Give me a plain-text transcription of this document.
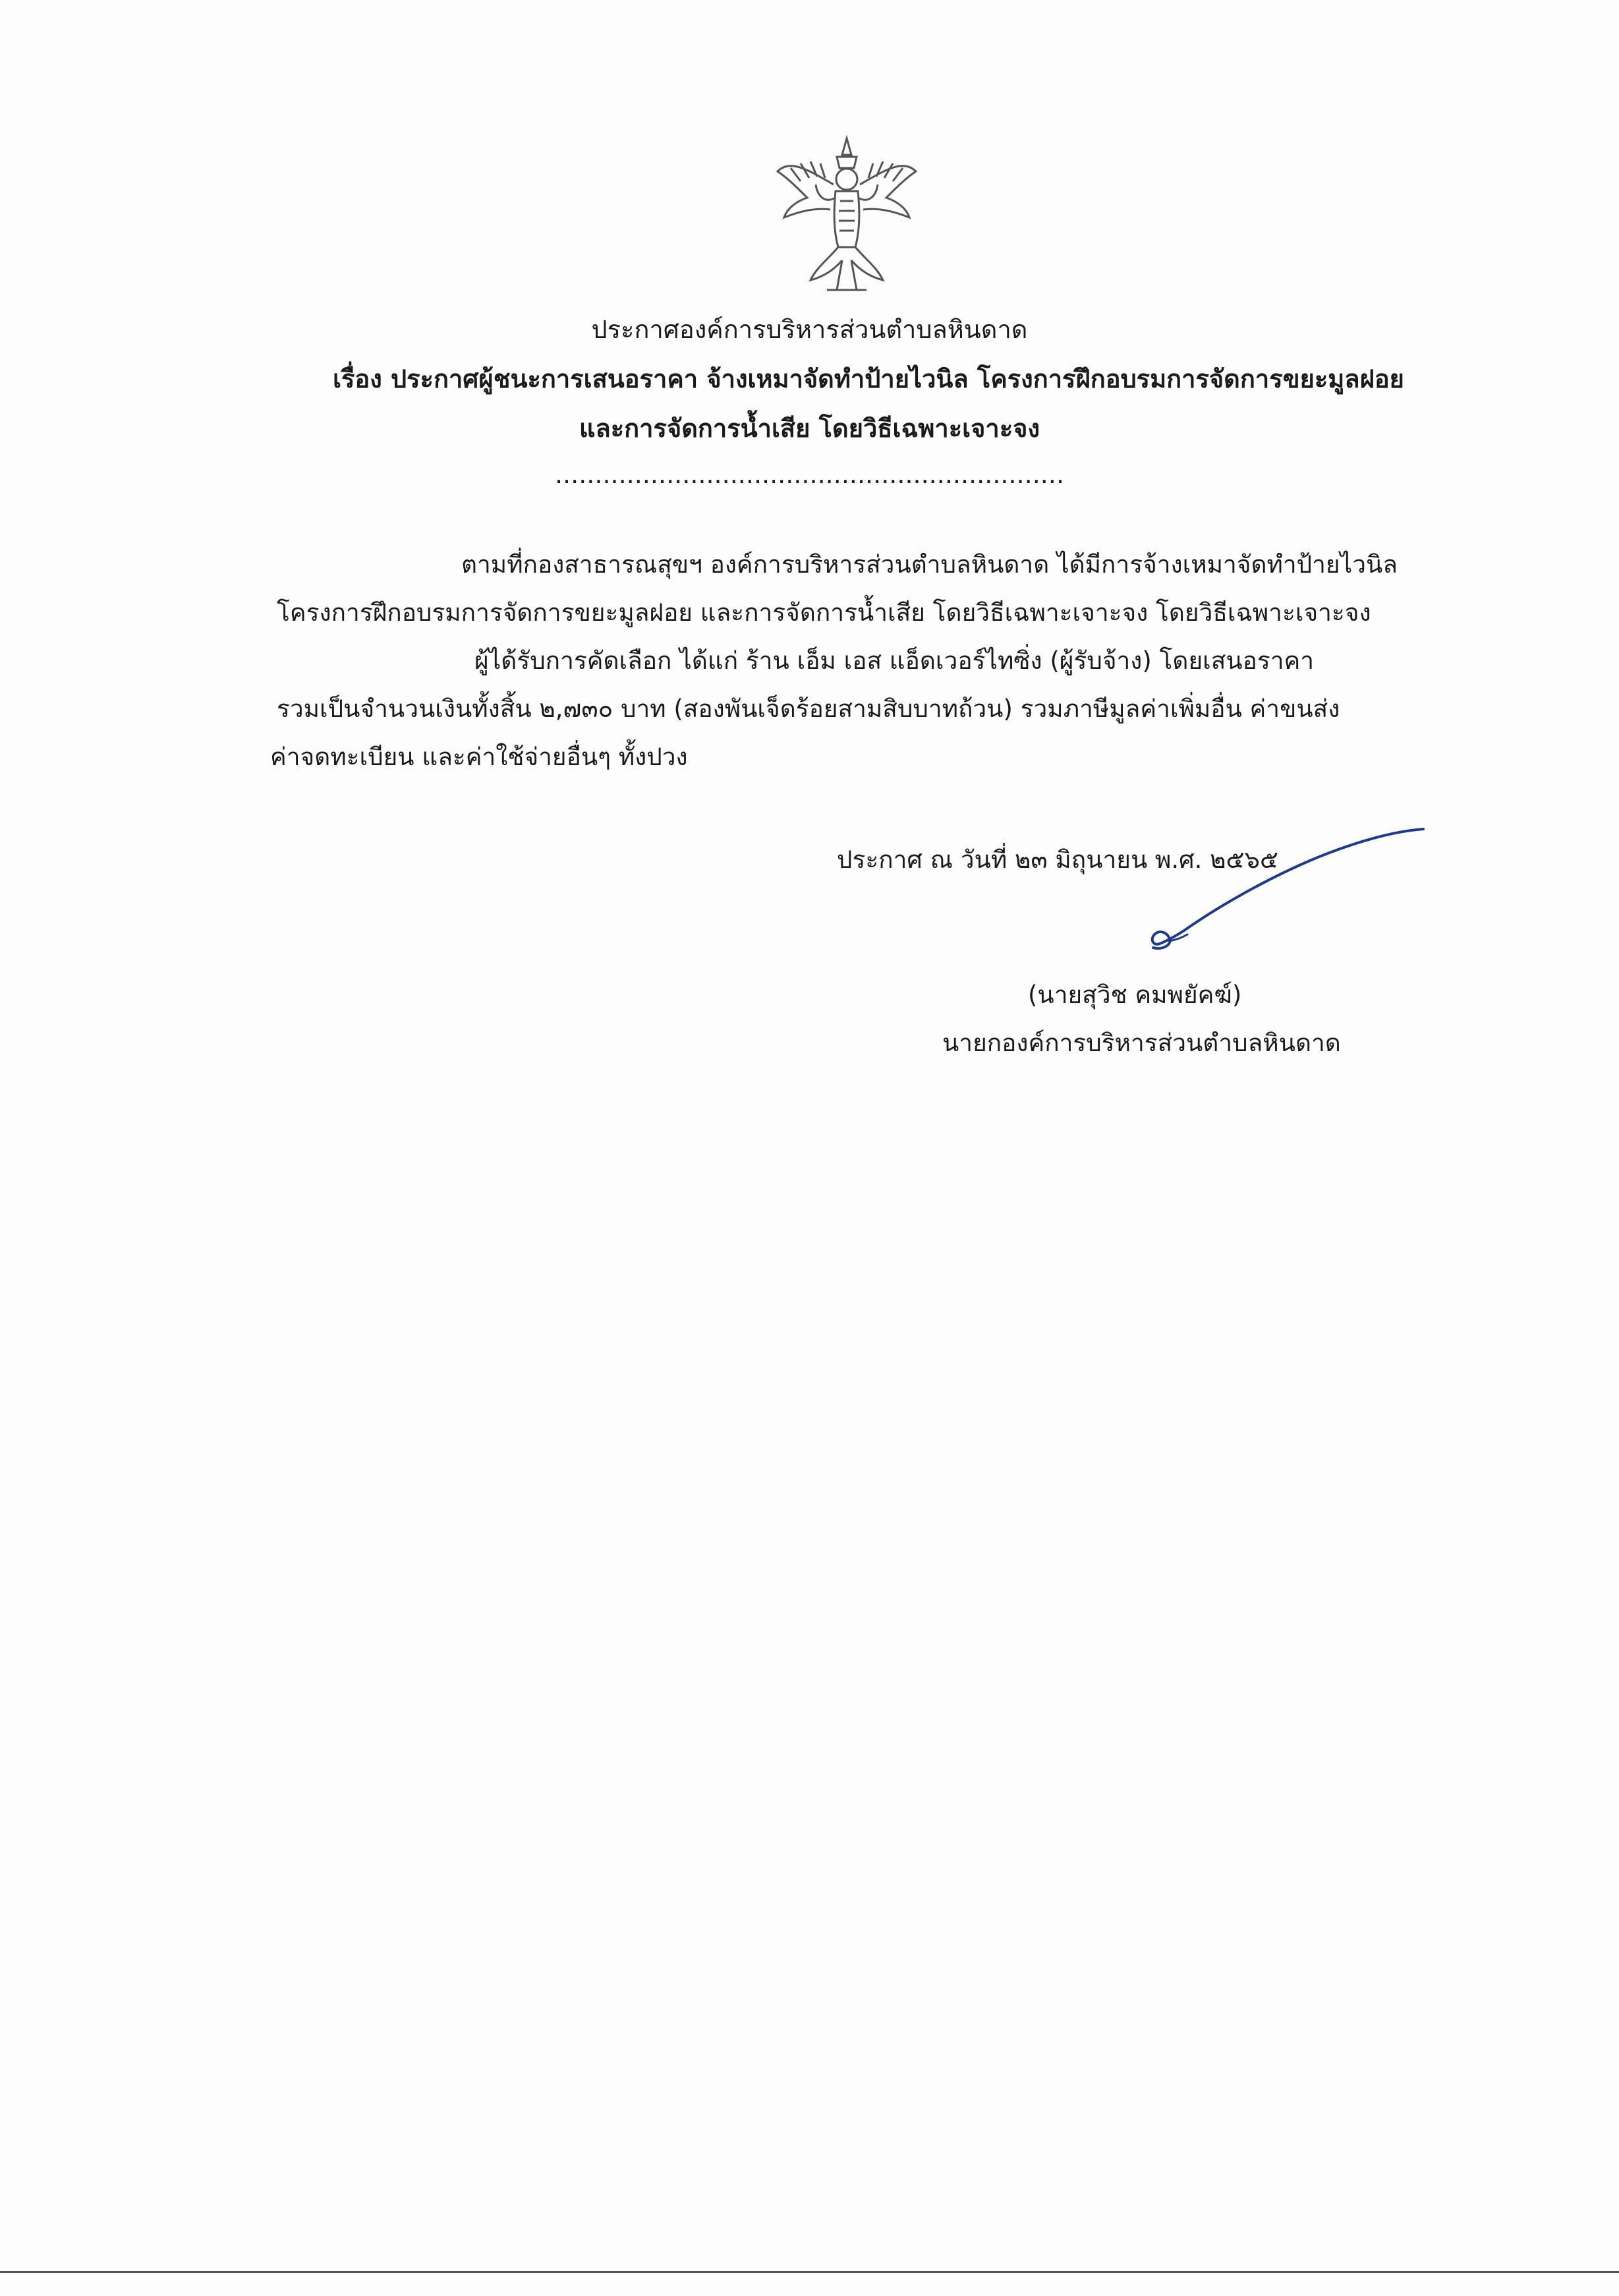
ประกาศองค์การบริหารส่วนตำบลหินดาด
เรื่อง ประกาศผู้ชนะการเสนอราคา จ้างเหมาจัดทำป้ายไวนิล โครงการฝึกอบรมการจัดการขยะมูลฝอย
และการจัดการน้ำเสีย โดยวิธีเฉพาะเจาะจง
................................................................
ตามที่กองสาธารณสุขฯ องค์การบริหารส่วนตำบลหินดาด ได้มีการจ้างเหมาจัดทำป้ายไวนิล
โครงการฝึกอบรมการจัดการขยะมูลฝอย และการจัดการน้ำเสีย โดยวิธีเฉพาะเจาะจง โดยวิธีเฉพาะเจาะจง
ผู้ได้รับการคัดเลือก ได้แก่ ร้าน เอ็ม เอส แอ็ดเวอร์ไทซิ่ง (ผู้รับจ้าง) โดยเสนอราคา
รวมเป็นจำนวนเงินทั้งสิ้น ๒,๗๓๐ บาท (สองพันเจ็ดร้อยสามสิบบาทถ้วน) รวมภาษีมูลค่าเพิ่มอื่น ค่าขนส่ง
ค่าจดทะเบียน และค่าใช้จ่ายอื่นๆ ทั้งปวง
ประกาศ ณ วันที่ ๒๓ มิถุนายน พ.ศ. ๒๕๖๕
(นายสุวิช คมพยัคฆ์)
นายกองค์การบริหารส่วนตำบลหินดาด
